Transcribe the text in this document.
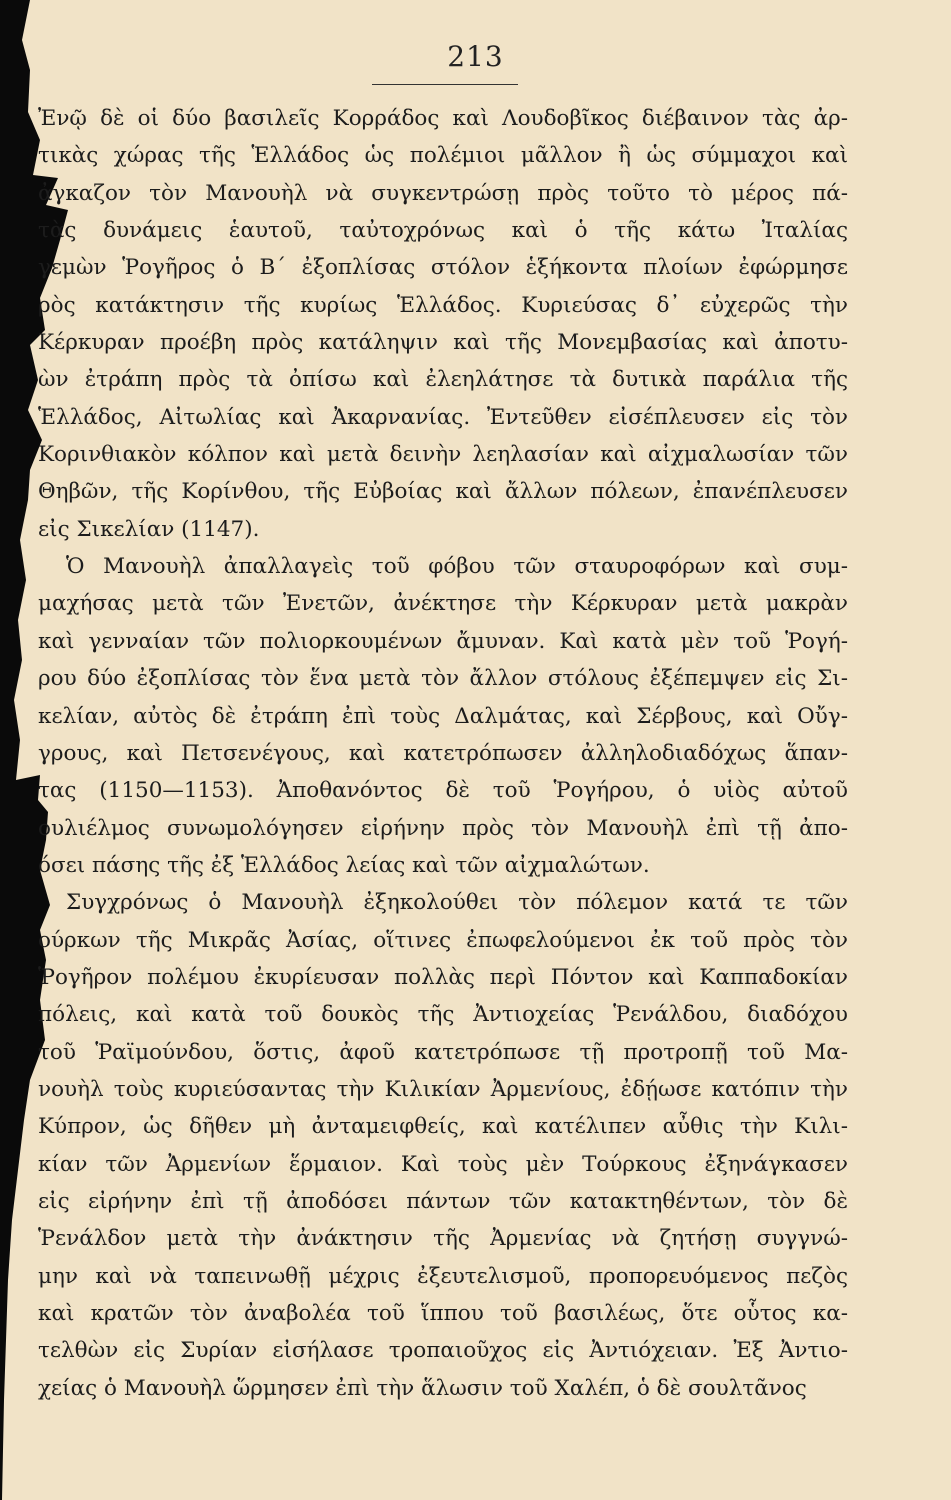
213
Ἐνῷ δὲ οἱ δύο βασιλεῖς Κορράδος καὶ Λουδοβῖκος διέβαινον τὰς ἀρ-
τικὰς χώρας τῆς Ἑλλάδος ὡς πολέμιοι μᾶλλον ἢ ὡς σύμμαχοι καὶ
ἀγκαζον τὸν Μανουὴλ νὰ συγκεντρώσῃ πρὸς τοῦτο τὸ μέρος πά-
τὰς δυνάμεις ἑαυτοῦ, ταὐτοχρόνως καὶ ὁ τῆς κάτω Ἰταλίας
γεμὼν Ῥογῆρος ὁ Β΄ ἐξοπλίσας στόλον ἑξήκοντα πλοίων ἐφώρμησε
ρὸς κατάκτησιν τῆς κυρίως Ἑλλάδος. Κυριεύσας δ᾽ εὐχερῶς τὴν
Κέρκυραν προέβη πρὸς κατάληψιν καὶ τῆς Μονεμβασίας καὶ ἀποτυ-
ὼν ἐτράπη πρὸς τὰ ὀπίσω καὶ ἐλεηλάτησε τὰ δυτικὰ παράλια τῆς
Ἑλλάδος, Αἰτωλίας καὶ Ἀκαρνανίας. Ἐντεῦθεν εἰσέπλευσεν εἰς τὸν
Κορινθιακὸν κόλπον καὶ μετὰ δεινὴν λεηλασίαν καὶ αἰχμαλωσίαν τῶν
Θηβῶν, τῆς Κορίνθου, τῆς Εὐβοίας καὶ ἄλλων πόλεων, ἐπανέπλευσεν
εἰς Σικελίαν (1147).
Ὁ Μανουὴλ ἀπαλλαγεὶς τοῦ φόβου τῶν σταυροφόρων καὶ συμ-
μαχήσας μετὰ τῶν Ἐνετῶν, ἀνέκτησε τὴν Κέρκυραν μετὰ μακρὰν
καὶ γενναίαν τῶν πολιορκουμένων ἄμυναν. Καὶ κατὰ μὲν τοῦ Ῥογή-
ρου δύο ἐξοπλίσας τὸν ἕνα μετὰ τὸν ἄλλον στόλους ἐξέπεμψεν εἰς Σι-
κελίαν, αὐτὸς δὲ ἐτράπη ἐπὶ τοὺς Δαλμάτας, καὶ Σέρβους, καὶ Οὔγ-
γρους, καὶ Πετσενέγους, καὶ κατετρόπωσεν ἀλληλοδιαδόχως ἅπαν-
τας (1150—1153). Ἀποθανόντος δὲ τοῦ Ῥογήρου, ὁ υἱὸς αὐτοῦ
ουλιέλμος συνωμολόγησεν εἰρήνην πρὸς τὸν Μανουὴλ ἐπὶ τῇ ἀπο-
όσει πάσης τῆς ἐξ Ἑλλάδος λείας καὶ τῶν αἰχμαλώτων.
Συγχρόνως ὁ Μανουὴλ ἐξηκολούθει τὸν πόλεμον κατά τε τῶν
ούρκων τῆς Μικρᾶς Ἀσίας, οἵτινες ἐπωφελούμενοι ἐκ τοῦ πρὸς τὸν
Ῥογῆρον πολέμου ἐκυρίευσαν πολλὰς περὶ Πόντον καὶ Καππαδοκίαν
πόλεις, καὶ κατὰ τοῦ δουκὸς τῆς Ἀντιοχείας Ῥενάλδου, διαδόχου
τοῦ Ῥαϊμούνδου, ὅστις, ἀφοῦ κατετρόπωσε τῇ προτροπῇ τοῦ Μα-
νουὴλ τοὺς κυριεύσαντας τὴν Κιλικίαν Ἀρμενίους, ἐδῄωσε κατόπιν τὴν
Κύπρον, ὡς δῆθεν μὴ ἀνταμειφθείς, καὶ κατέλιπεν αὖθις τὴν Κιλι-
κίαν τῶν Ἀρμενίων ἕρμαιον. Καὶ τοὺς μὲν Τούρκους ἐξηνάγκασεν
εἰς εἰρήνην ἐπὶ τῇ ἀποδόσει πάντων τῶν κατακτηθέντων, τὸν δὲ
Ῥενάλδον μετὰ τὴν ἀνάκτησιν τῆς Ἀρμενίας νὰ ζητήσῃ συγγνώ-
μην καὶ νὰ ταπεινωθῇ μέχρις ἐξευτελισμοῦ, προπορευόμενος πεζὸς
καὶ κρατῶν τὸν ἀναβολέα τοῦ ἵππου τοῦ βασιλέως, ὅτε οὗτος κα-
τελθὼν εἰς Συρίαν εἰσήλασε τροπαιοῦχος εἰς Ἀντιόχειαν. Ἐξ Ἀντιο-
χείας ὁ Μανουὴλ ὥρμησεν ἐπὶ τὴν ἅλωσιν τοῦ Χαλέπ, ὁ δὲ σουλτᾶνος
